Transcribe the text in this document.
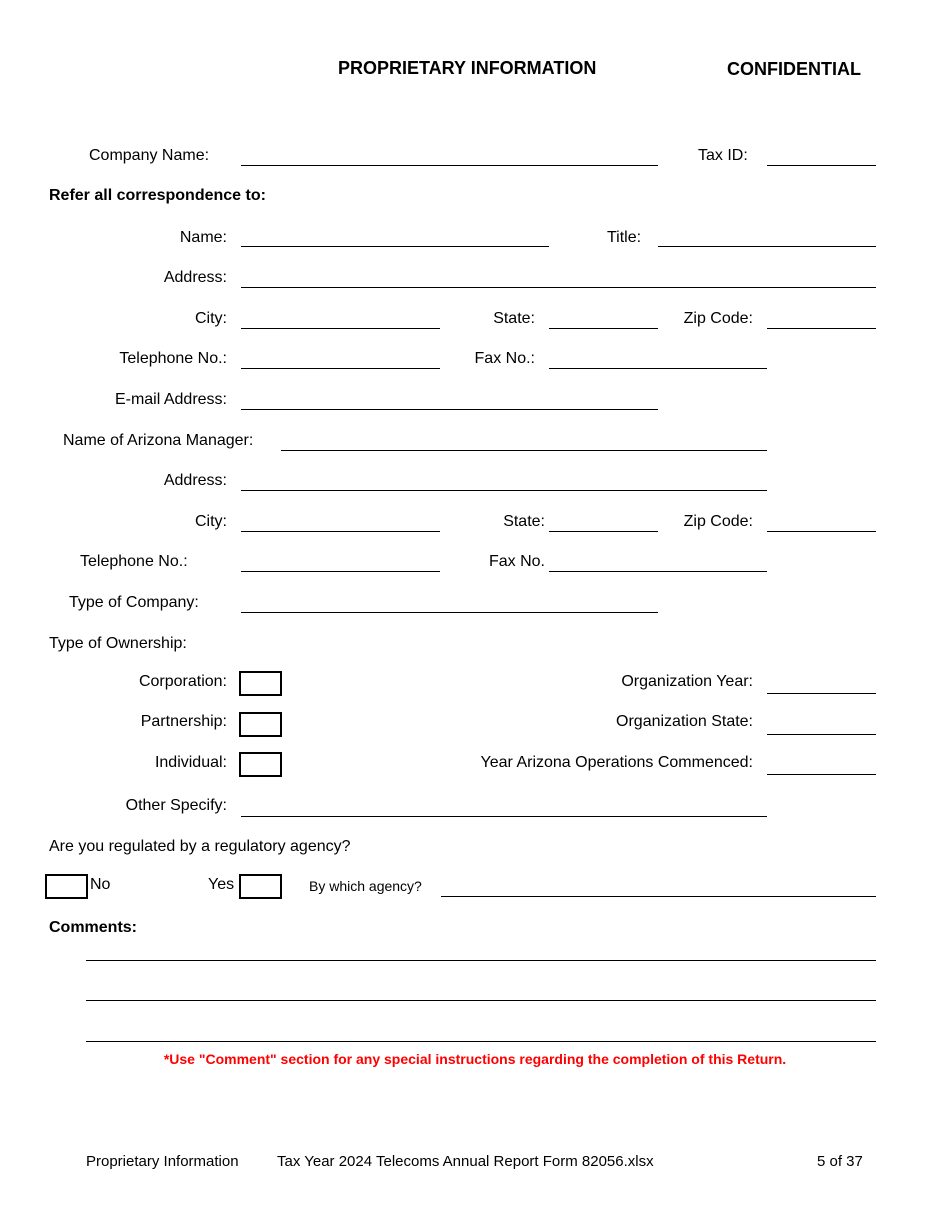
PROPRIETARY INFORMATION	CONFIDENTIAL
Company Name:	Tax ID:
Refer all correspondence to:
Name:	Title:
Address:
City:	State:	Zip Code:
Telephone No.:	Fax No.:
E-mail Address:
Name of Arizona Manager:
Address:
City:	State:	Zip Code:
Telephone No.:	Fax No.
Type of Company:
Type of Ownership:
Corporation:	Organization Year:
Partnership:	Organization State:
Individual:	Year Arizona Operations Commenced:
Other Specify:
Are you regulated by a regulatory agency?
No	Yes	By which agency?
Comments:
*Use "Comment" section for any special instructions regarding the completion of this Return.
Proprietary Information	Tax Year 2024 Telecoms Annual Report Form 82056.xlsx	5 of 37
